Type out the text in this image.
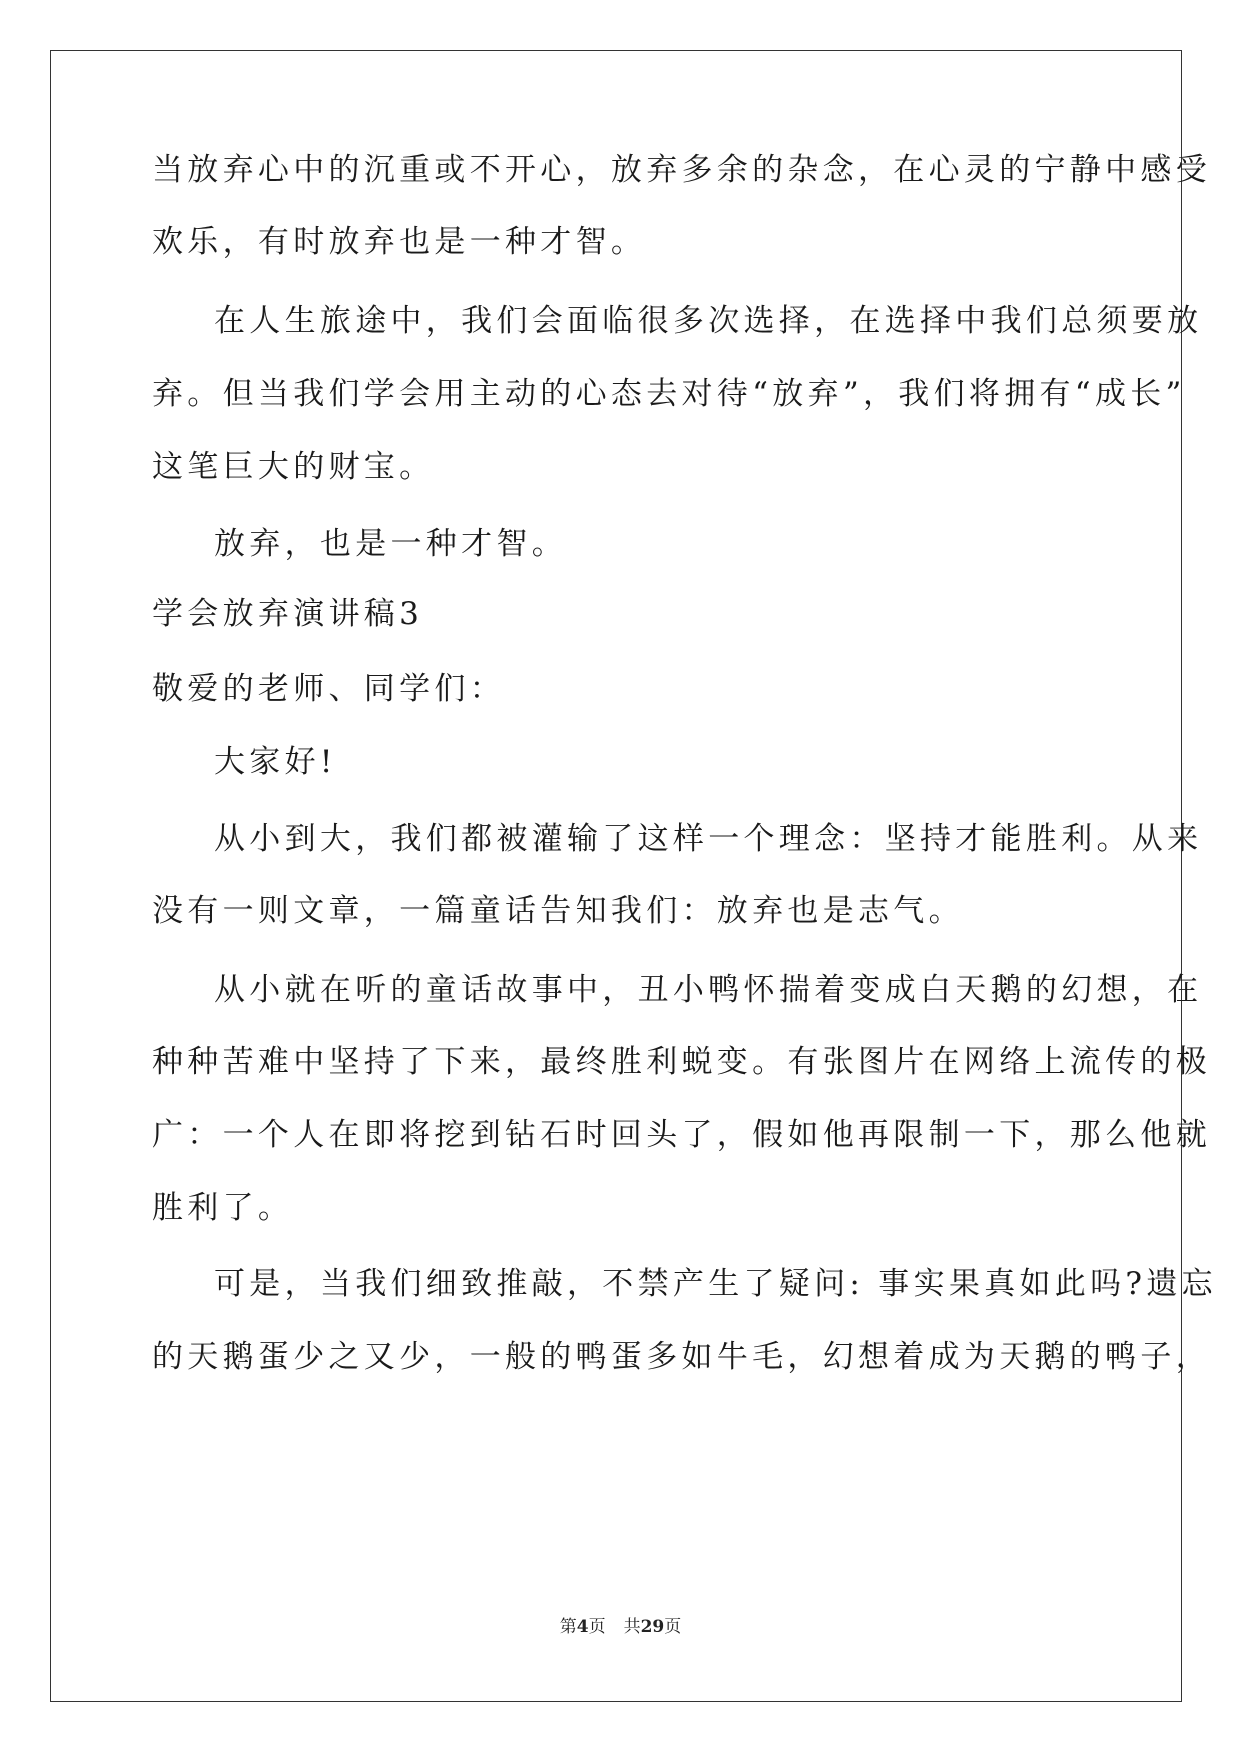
当放弃心中的沉重或不开心，放弃多余的杂念，在心灵的宁静中感受
欢乐，有时放弃也是一种才智。
在人生旅途中，我们会面临很多次选择，在选择中我们总须要放
弃。但当我们学会用主动的心态去对待“放弃”，我们将拥有“成长”
这笔巨大的财宝。
放弃，也是一种才智。
学会放弃演讲稿3
敬爱的老师、同学们：
大家好!
从小到大，我们都被灌输了这样一个理念：坚持才能胜利。从来
没有一则文章，一篇童话告知我们：放弃也是志气。
从小就在听的童话故事中，丑小鸭怀揣着变成白天鹅的幻想，在
种种苦难中坚持了下来，最终胜利蜕变。有张图片在网络上流传的极
广：一个人在即将挖到钻石时回头了，假如他再限制一下，那么他就
胜利了。
可是，当我们细致推敲，不禁产生了疑问: 事实果真如此吗?遗忘
的天鹅蛋少之又少，一般的鸭蛋多如牛毛，幻想着成为天鹅的鸭子，
第4页 共29页
